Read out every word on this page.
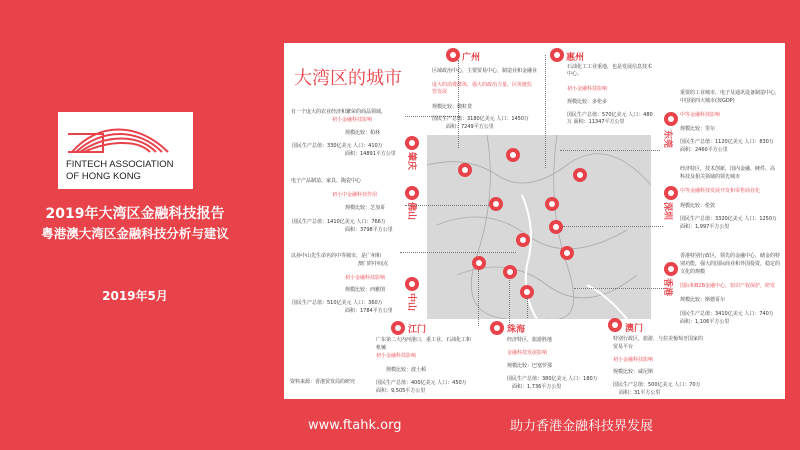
FINTECH ASSOCIATION
OF HONG KONG
2019年大湾区金融科技报告
粤港澳大湾区金融科技分析与建议
2019年5月
www.ftahk.org	助力香港金融科技界发展
大湾区的城市
广州
区域政治中心，主要贸易中心，制造业和金融业
庞大的消费群体，强大的政治力量，区块链监
管发展
规模比较：微粒贷
国民生产总值：3180亿美元 人口：1450万
面积：7249平方公里
惠州
石油化工工业重地，也是发展信息技术
中心。
初小金融科技影响
规模比较：多伦多
国民生产总值：570亿美元 人口：480
万 面积：11347平方公里
有一个庞大的农业经济和繁荣的商品领域，
初小金融科技影响
规模比较：柏林
国民生产总值：330亿美元 人口：410万
面积：14891平方公里 肇庆
东莞
重要的工业城市，电子及通讯设备制造中心，
中国第四大城市(按GDP)
中等金融科技影响
规模比较：里尔
国民生产总值：1120亿美元 人口：830万
面积：2460平方公里
电子产品制造、家具、陶瓷中心
初小中金融科技作用
规模比较：芝加哥
国民生产总值：1410亿美元 人口：766万
面积：3798平方公里
佛山	深圳
经济特区，技术创新，国内金融、硬件、高
科技及相关领域的领先城市
中等金融科技发展开发和零售商业化
规模比较：伦敦
国民生产总值：3320亿美元 人口：1250万
面积：1,997平方公里
以孙中山先生命名的中等城市，是广州和
澳门的中间点
初小金融科技影响
规模比较：西雅图
国民生产总值：510亿美元 人口：360万
面积：1784平方公里 中山
香港
香港特别行政区，领先的金融中心，储金的特
别功能，强大的国际商业和外国投资，稳定的
文化的规模
国际和B2B金融中心，知识产权保护，研发
规模比较：斯德哥尔
国民生产总值：3410亿美元 人口：740万
面积：1,106平方公里
江门
广东第二大内河港口，重工业、石油化工和
机械
初小金融科技影响
规模比较：波士顿
国民生产总值：400亿美元 人口：450万
面积：9,505平方公里
珠海
经济特区，旅游胜地
金融科技发展影响
规模比较：巴塞罗那
国民生产总值：380亿美元 人口：180万
面积：1,736平方公里
澳门
特别行政区，旅游，与拉美葡萄牙国家的
贸易平台
初小金融科技影响
规模比较：威尼斯
国民生产总值：500亿美元 人口：70万
面积：31平方公里
资料来源：香港贸发局的研究
